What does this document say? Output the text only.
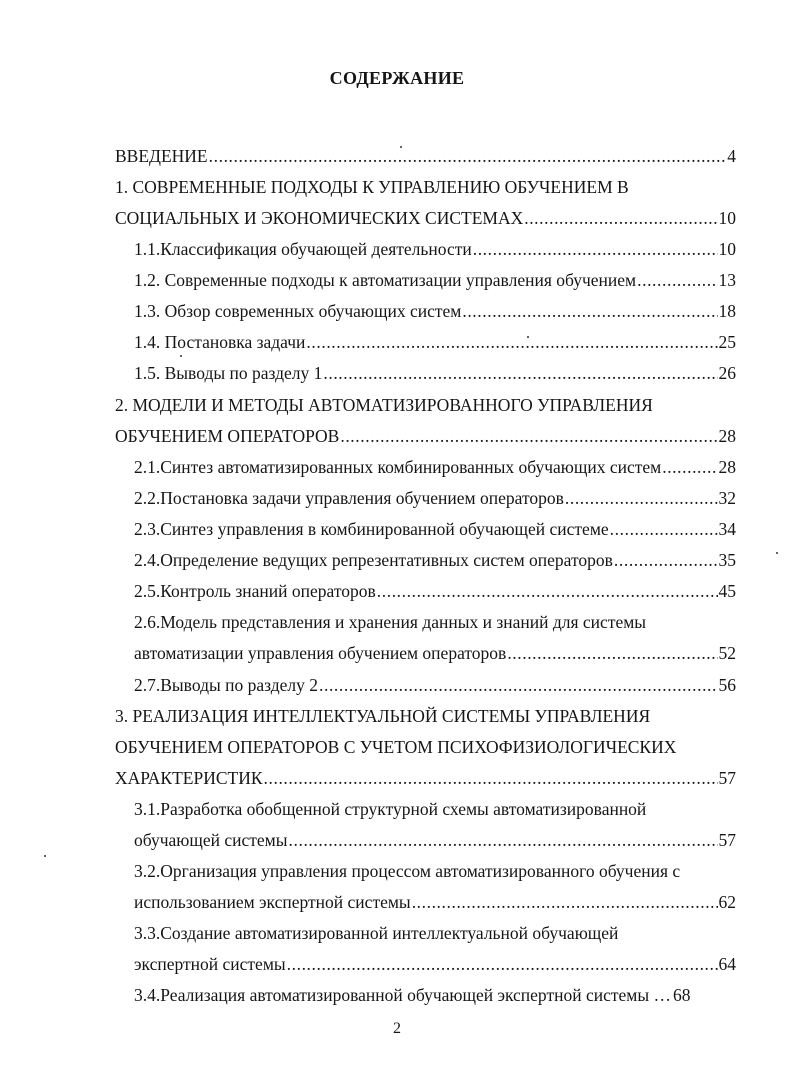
СОДЕРЖАНИЕ
ВВЕДЕНИЕ .....	4
1. СОВРЕМЕННЫЕ ПОДХОДЫ К УПРАВЛЕНИЮ ОБУЧЕНИЕМ В
СОЦИАЛЬНЫХ И ЭКОНОМИЧЕСКИХ СИСТЕМАХ .....	10
1.1.Классификация обучающей деятельности .....	10
1.2. Современные подходы к автоматизации управления обучением .....	13
1.3. Обзор современных обучающих систем .....	18
1.4. Постановка задачи .....	25
1.5. Выводы по разделу 1 .....	26
2. МОДЕЛИ И МЕТОДЫ АВТОМАТИЗИРОВАННОГО УПРАВЛЕНИЯ
ОБУЧЕНИЕМ ОПЕРАТОРОВ .....	28
2.1.Синтез автоматизированных комбинированных обучающих систем .....	28
2.2.Постановка задачи управления обучением операторов .....	32
2.3.Синтез управления в комбинированной обучающей системе .....	34
2.4.Определение ведущих репрезентативных систем операторов .....	35
2.5.Контроль знаний операторов .....	45
2.6.Модель представления и хранения данных и знаний для системы
автоматизации управления обучением операторов .....	52
2.7.Выводы по разделу 2 .....	56
3. РЕАЛИЗАЦИЯ ИНТЕЛЛЕКТУАЛЬНОЙ СИСТЕМЫ УПРАВЛЕНИЯ
ОБУЧЕНИЕМ ОПЕРАТОРОВ С УЧЕТОМ ПСИХОФИЗИОЛОГИЧЕСКИХ
ХАРАКТЕРИСТИК .....	57
3.1.Разработка обобщенной структурной схемы автоматизированной
обучающей системы .....	57
3.2.Организация управления процессом автоматизированного обучения с
использованием экспертной системы .....	62
3.3.Создание автоматизированной интеллектуальной обучающей
экспертной системы .....	64
3.4.Реализация автоматизированной обучающей экспертной системы … 68
2
